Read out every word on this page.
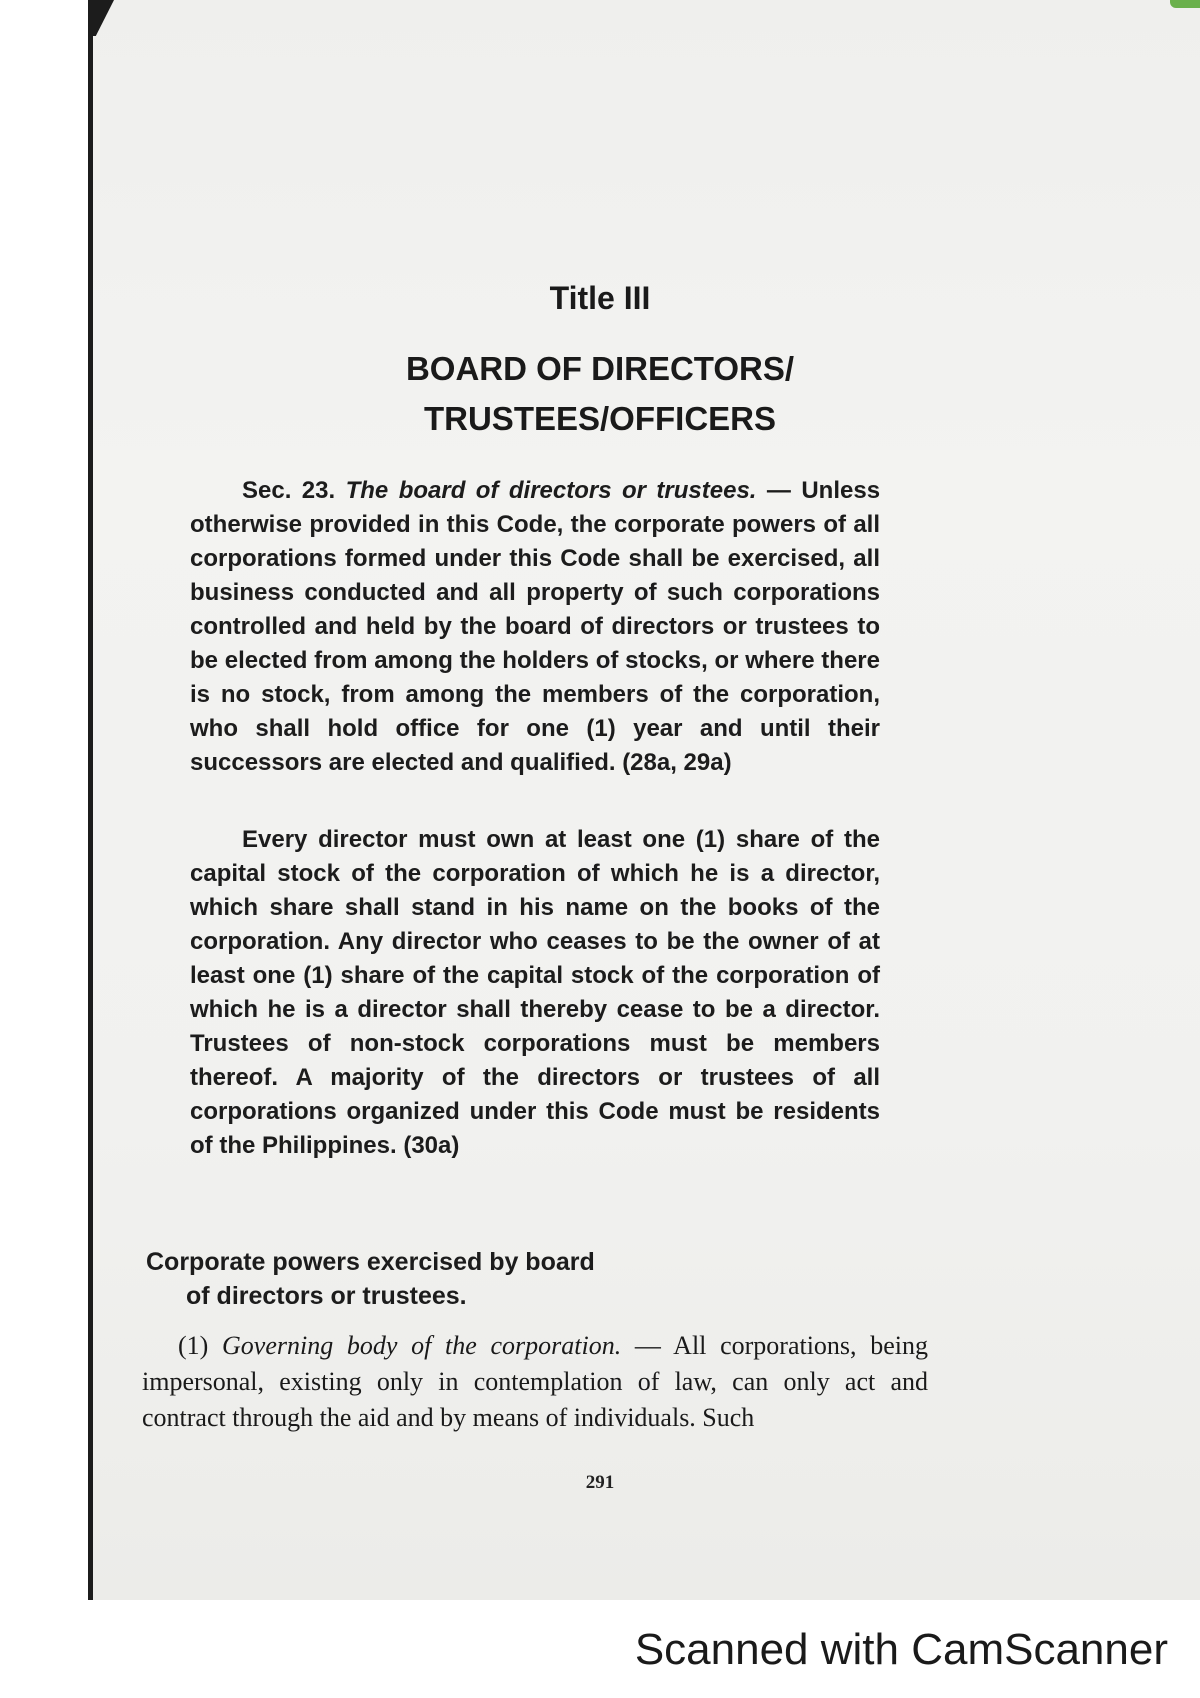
Title III
BOARD OF DIRECTORS/
TRUSTEES/OFFICERS

Sec. 23. The board of directors or trustees. — Unless otherwise provided in this Code, the corporate powers of all corporations formed under this Code shall be exercised, all business conducted and all property of such corporations controlled and held by the board of directors or trustees to be elected from among the holders of stocks, or where there is no stock, from among the members of the corporation, who shall hold office for one (1) year and until their successors are elected and qualified. (28a, 29a)

Every director must own at least one (1) share of the capital stock of the corporation of which he is a director, which share shall stand in his name on the books of the corporation. Any director who ceases to be the owner of at least one (1) share of the capital stock of the corporation of which he is a director shall thereby cease to be a director. Trustees of non-stock corporations must be members thereof. A majority of the directors or trustees of all corporations organized under this Code must be residents of the Philippines. (30a)

Corporate powers exercised by board
of directors or trustees.

(1) Governing body of the corporation. — All corporations, being impersonal, existing only in contemplation of law, can only act and contract through the aid and by means of individuals. Such

291
Scanned with CamScanner
